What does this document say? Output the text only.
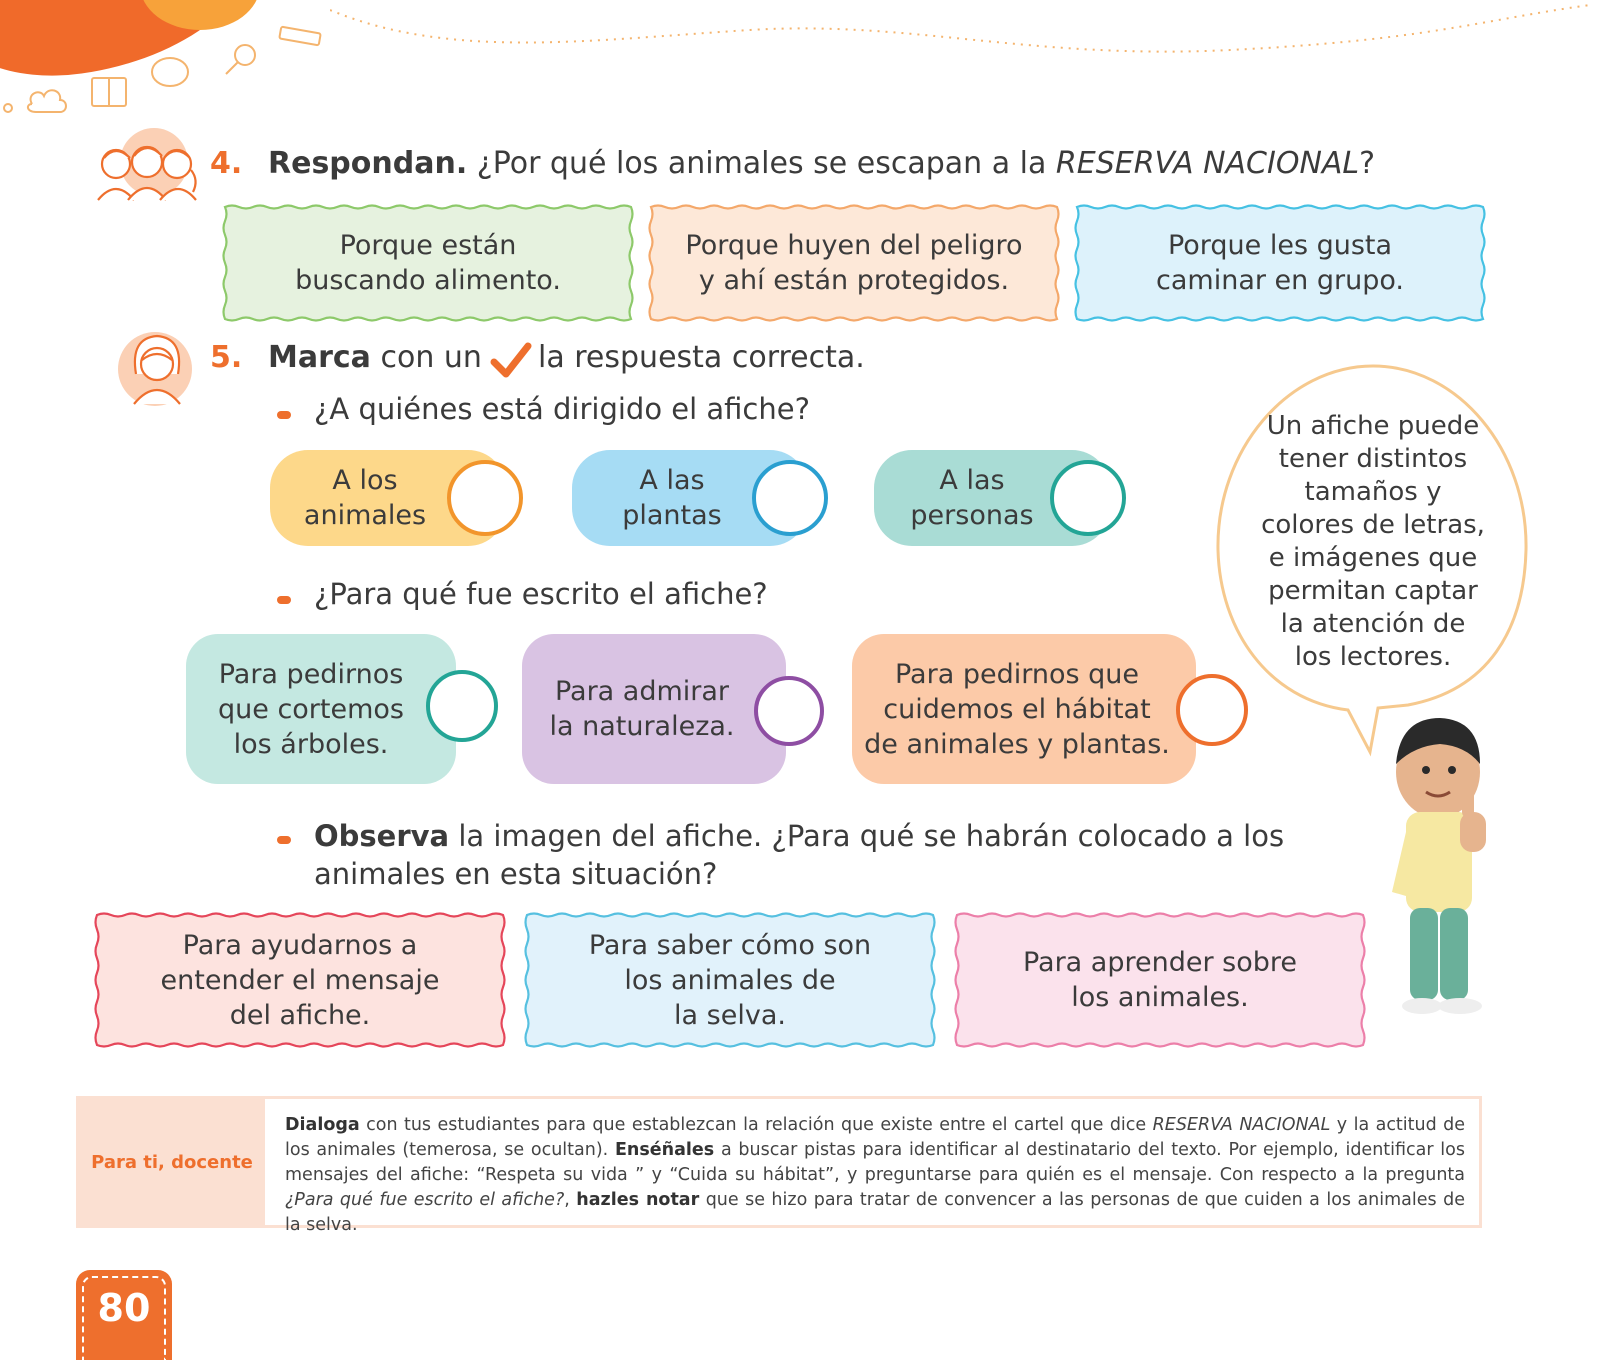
4. Respondan. ¿Por qué los animales se escapan a la RESERVA NACIONAL?
Porque están
buscando alimento.
Porque huyen del peligro
y ahí están protegidos.
Porque les gusta
caminar en grupo.
5. Marca con un la respuesta correcta.
¿A quiénes está dirigido el afiche?
A los
animales
A las
plantas
A las
personas
¿Para qué fue escrito el afiche?
Para pedirnos
que cortemos
los árboles.
Para admirar
la naturaleza.
Para pedirnos que
cuidemos el hábitat
de animales y plantas.
Observa la imagen del afiche. ¿Para qué se habrán colocado a los animales en esta situación?
Para ayudarnos a
entender el mensaje
del afiche.
Para saber cómo son
los animales de
la selva.
Para aprender sobre
los animales.
Un afiche puede
tener distintos
tamaños y
colores de letras,
e imágenes que
permitan captar
la atención de
los lectores.
Para ti, docente
Dialoga con tus estudiantes para que establezcan la relación que existe entre el cartel que dice RESERVA NACIONAL y la actitud de los animales (temerosa, se ocultan). Enséñales a buscar pistas para identificar al destinatario del texto. Por ejemplo, identificar los mensajes del afiche: “Respeta su vida ” y “Cuida su hábitat”, y preguntarse para quién es el mensaje. Con respecto a la pregunta ¿Para qué fue escrito el afiche?, hazles notar que se hizo para tratar de convencer a las personas de que cuiden a los animales de la selva.
80
